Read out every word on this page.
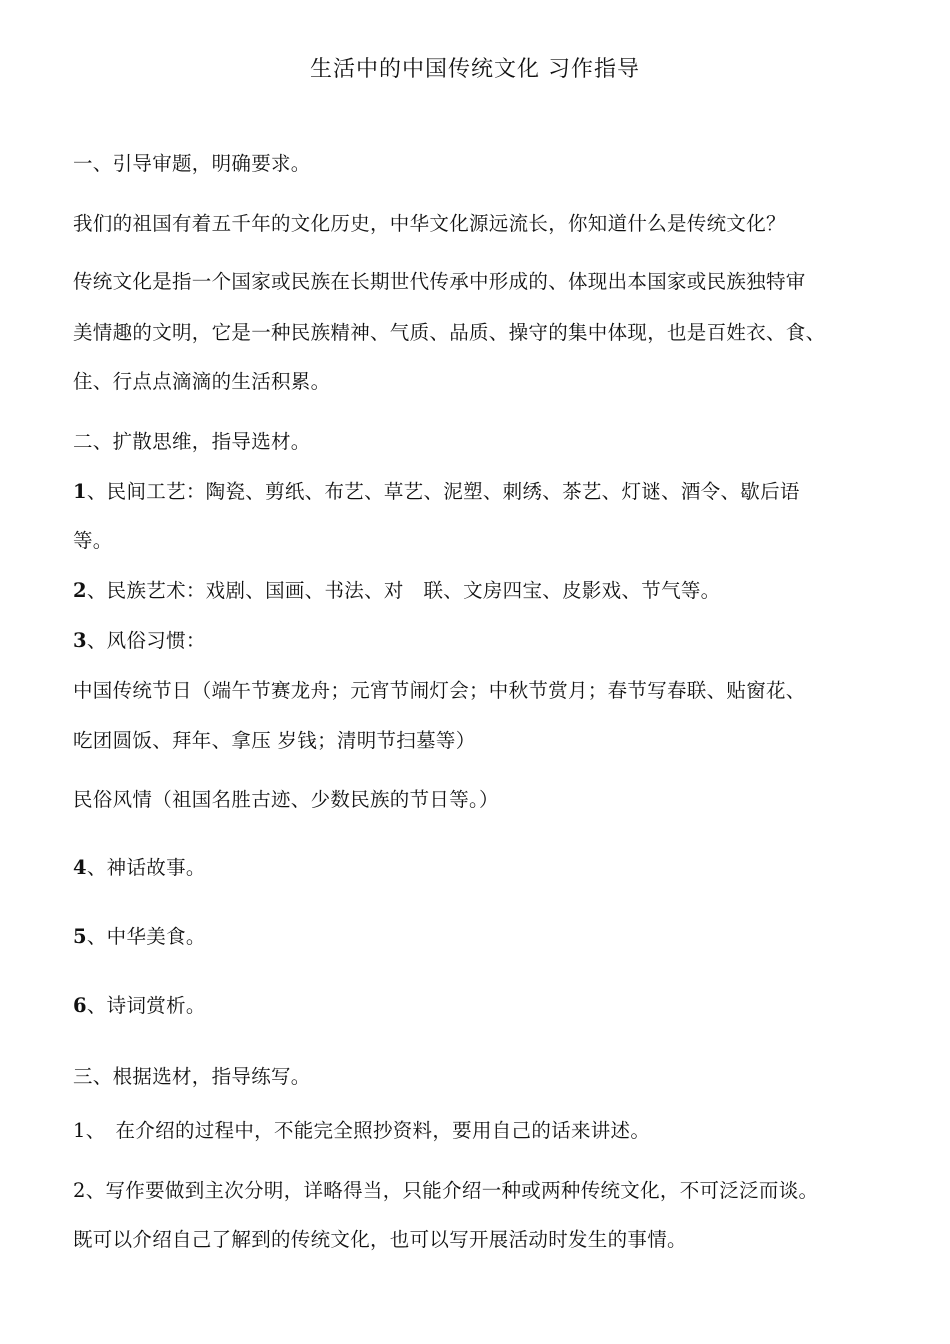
生活中的中国传统文化 习作指导
一、引导审题，明确要求。
我们的祖国有着五千年的文化历史，中华文化源远流长，你知道什么是传统文化？
传统文化是指一个国家或民族在长期世代传承中形成的、体现出本国家或民族独特审
美情趣的文明，它是一种民族精神、气质、品质、操守的集中体现，也是百姓衣、食、
住、行点点滴滴的生活积累。
二、扩散思维，指导选材。
1、民间工艺：陶瓷、剪纸、布艺、草艺、泥塑、刺绣、茶艺、灯谜、酒令、歇后语
等。
2、民族艺术：戏剧、国画、书法、对　联、文房四宝、皮影戏、节气等。
3、风俗习惯：
中国传统节日（端午节赛龙舟；元宵节闹灯会；中秋节赏月；春节写春联、贴窗花、
吃团圆饭、拜年、拿压 岁钱；清明节扫墓等）
民俗风情（祖国名胜古迹、少数民族的节日等。）
4、神话故事。
5、中华美食。
6、诗词赏析。
三、根据选材，指导练写。
1、　在介绍的过程中，不能完全照抄资料，要用自己的话来讲述。
2、写作要做到主次分明，详略得当，只能介绍一种或两种传统文化，不可泛泛而谈。
既可以介绍自己了解到的传统文化，也可以写开展活动时发生的事情。
